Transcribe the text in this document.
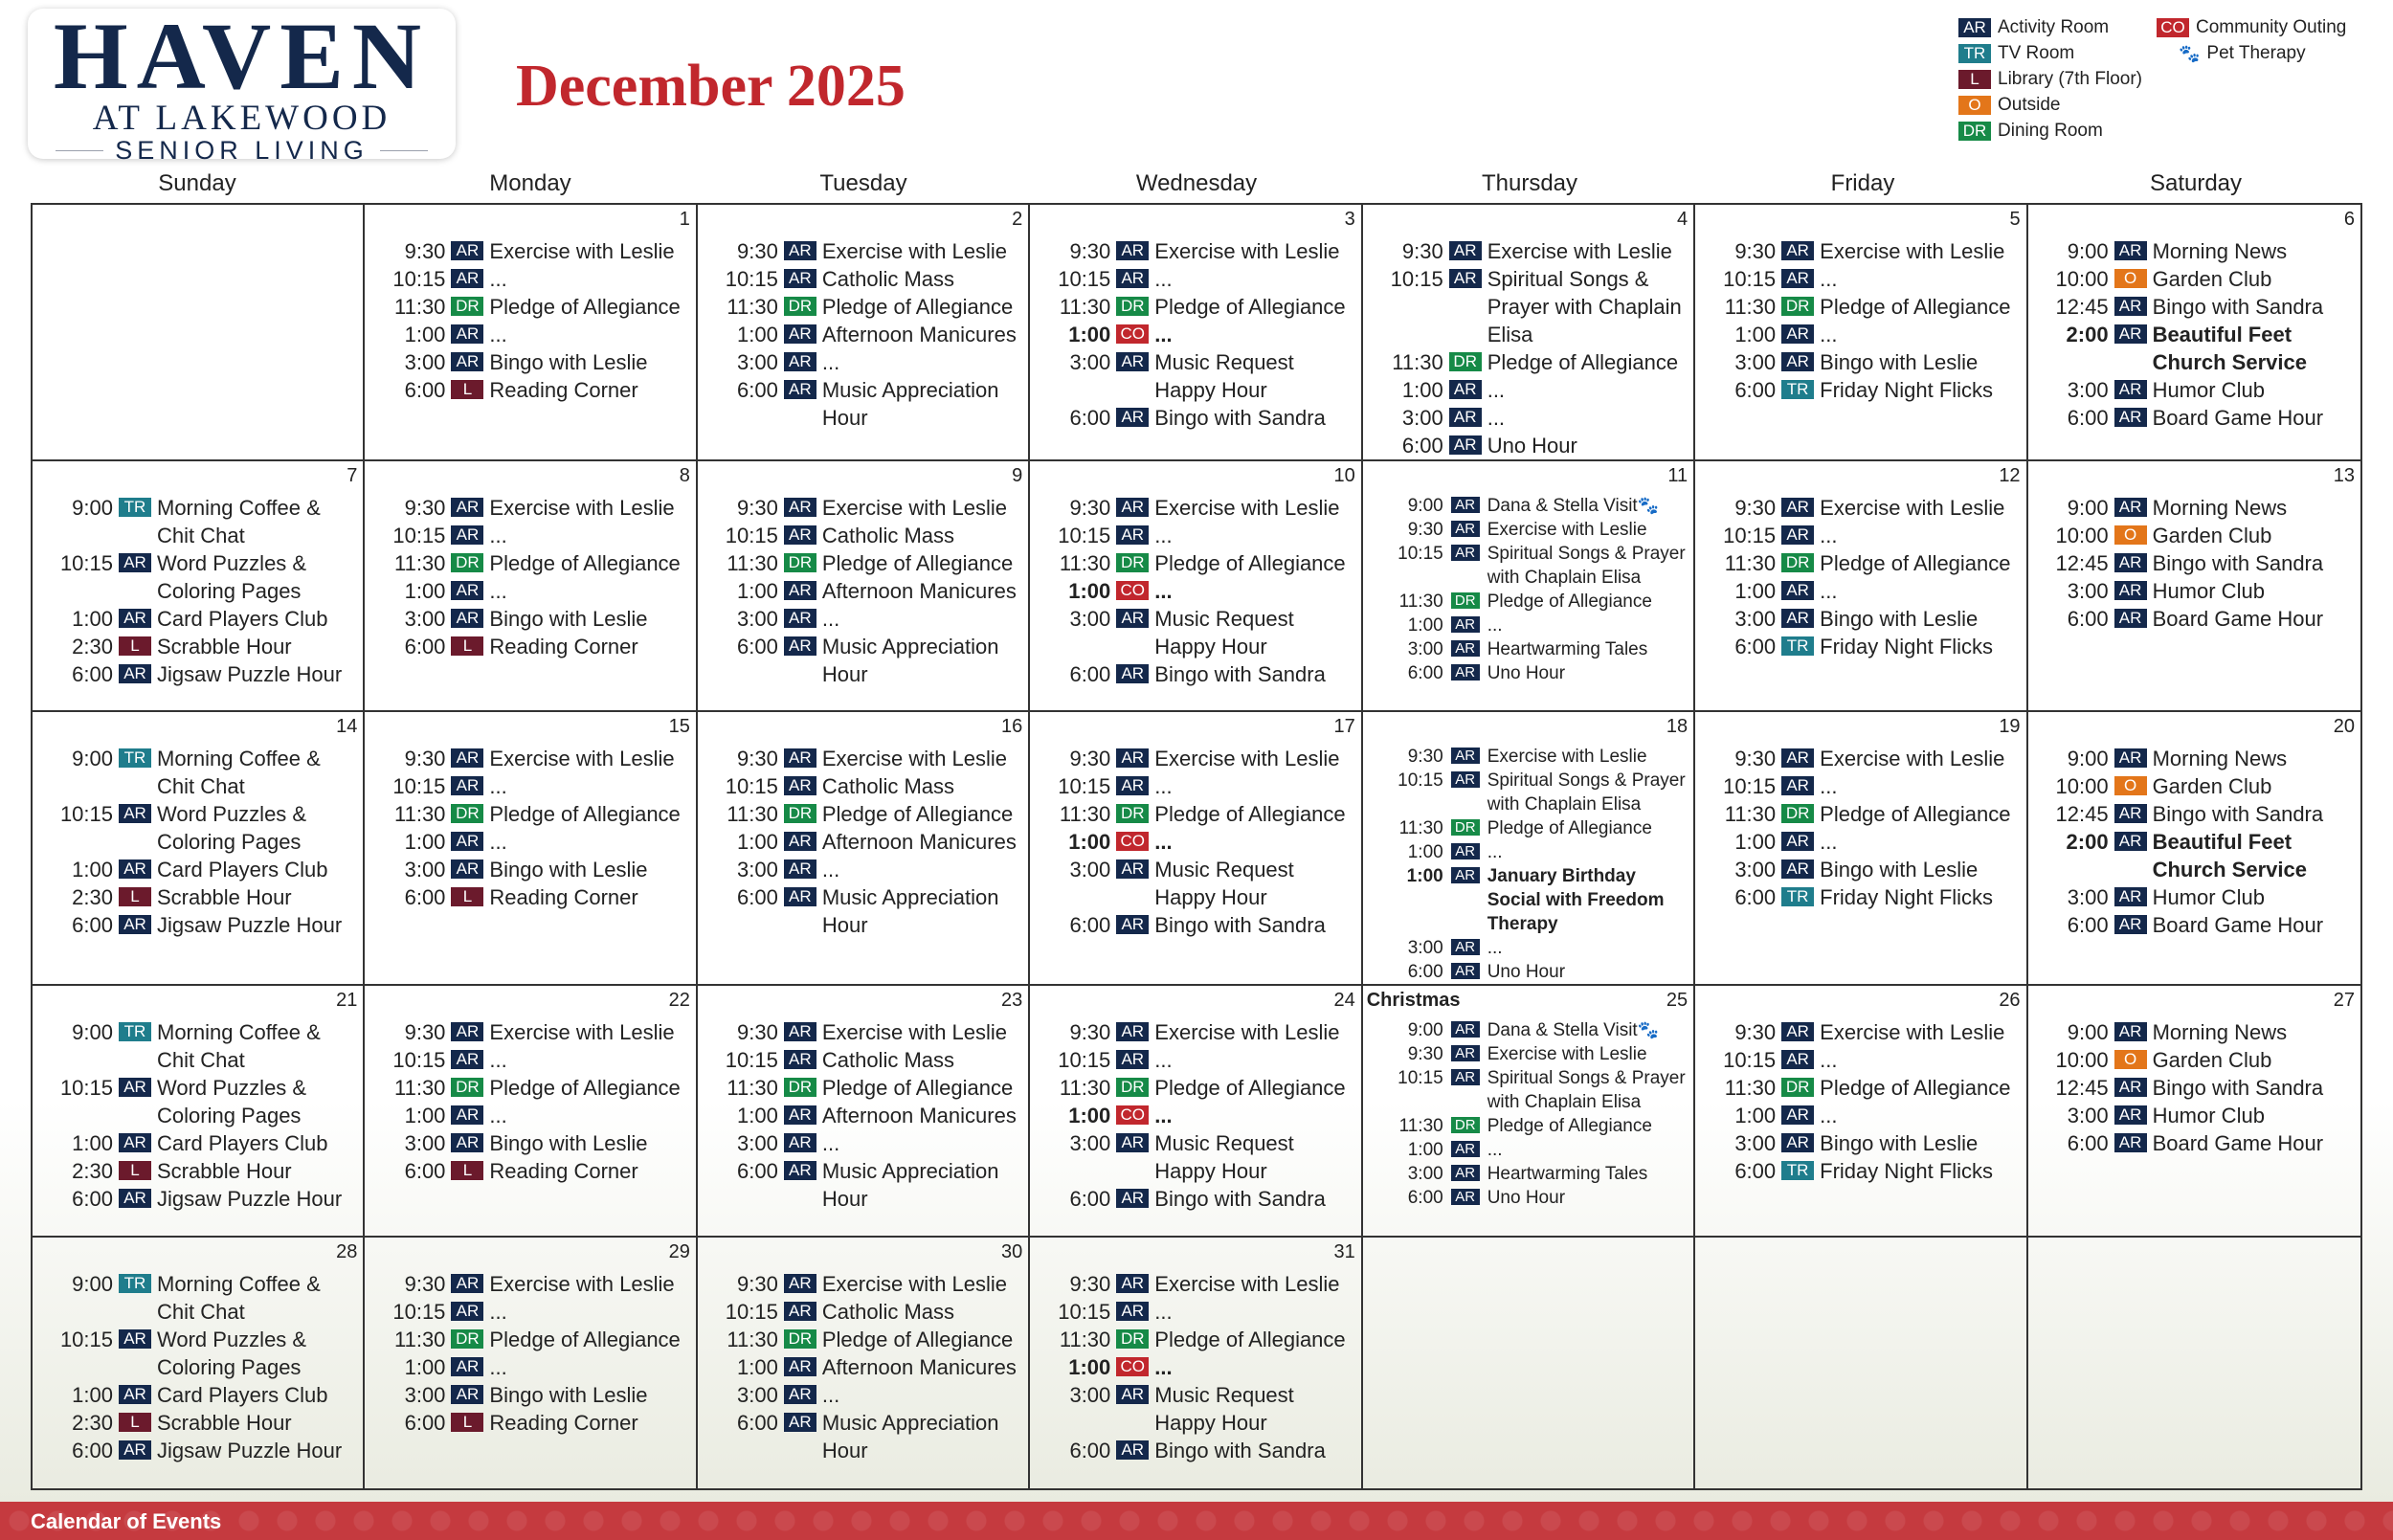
HAVEN
AT LAKEWOOD
SENIOR LIVING
December 2025
AR Activity Room
TR TV Room
L	Library (7th Floor)
O Outside
DR Dining Room
CO Community Outing
🐾 Pet Therapy
Sunday	Monday	Tuesday	Wednesday	Thursday	Friday	Saturday
1
9:30 AR Exercise with Leslie
10:15 AR ...
11:30 DR Pledge of Allegiance
1:00 AR ...
3:00 AR Bingo with Leslie
6:00	L Reading Corner
2
9:30 AR Exercise with Leslie
10:15 AR Catholic Mass
11:30 DR Pledge of Allegiance
1:00 AR Afternoon Manicures
3:00 AR ...
6:00 AR Music Appreciation Hour
3
9:30 AR Exercise with Leslie
10:15 AR ...
11:30 DR Pledge of Allegiance
1:00 CO ...
3:00 AR Music Request Happy Hour
6:00 AR Bingo with Sandra
4
9:30 AR Exercise with Leslie
10:15 AR Spiritual Songs & Prayer with Chaplain Elisa
11:30 DR Pledge of Allegiance
1:00 AR ...
3:00 AR ...
6:00 AR Uno Hour
5
9:30 AR Exercise with Leslie
10:15 AR ...
11:30 DR Pledge of Allegiance
1:00 AR ...
3:00 AR Bingo with Leslie
6:00 TR Friday Night Flicks
6
9:00 AR Morning News
10:00 O Garden Club
12:45 AR Bingo with Sandra
2:00 AR Beautiful Feet Church Service
3:00 AR Humor Club
6:00 AR Board Game Hour
7
9:00 TR Morning Coffee & Chit Chat
10:15 AR Word Puzzles & Coloring Pages
1:00 AR Card Players Club
2:30	L Scrabble Hour
6:00 AR Jigsaw Puzzle Hour
8
9:30 AR Exercise with Leslie
10:15 AR ...
11:30 DR Pledge of Allegiance
1:00 AR ...
3:00 AR Bingo with Leslie
6:00	L Reading Corner
9
9:30 AR Exercise with Leslie
10:15 AR Catholic Mass
11:30 DR Pledge of Allegiance
1:00 AR Afternoon Manicures
3:00 AR ...
6:00 AR Music Appreciation Hour
10
9:30 AR Exercise with Leslie
10:15 AR ...
11:30 DR Pledge of Allegiance
1:00 CO ...
3:00 AR Music Request Happy Hour
6:00 AR Bingo with Sandra
11
9:00 AR Dana & Stella Visit🐾
9:30 AR Exercise with Leslie
10:15 AR Spiritual Songs & Prayer with Chaplain Elisa
11:30 DR Pledge of Allegiance
1:00 AR ...
3:00 AR Heartwarming Tales
6:00 AR Uno Hour
12
9:30 AR Exercise with Leslie
10:15 AR ...
11:30 DR Pledge of Allegiance
1:00 AR ...
3:00 AR Bingo with Leslie
6:00 TR Friday Night Flicks
13
9:00 AR Morning News
10:00 O Garden Club
12:45 AR Bingo with Sandra
3:00 AR Humor Club
6:00 AR Board Game Hour
14
9:00 TR Morning Coffee & Chit Chat
10:15 AR Word Puzzles & Coloring Pages
1:00 AR Card Players Club
2:30	L Scrabble Hour
6:00 AR Jigsaw Puzzle Hour
15
9:30 AR Exercise with Leslie
10:15 AR ...
11:30 DR Pledge of Allegiance
1:00 AR ...
3:00 AR Bingo with Leslie
6:00	L Reading Corner
16
9:30 AR Exercise with Leslie
10:15 AR Catholic Mass
11:30 DR Pledge of Allegiance
1:00 AR Afternoon Manicures
3:00 AR ...
6:00 AR Music Appreciation Hour
17
9:30 AR Exercise with Leslie
10:15 AR ...
11:30 DR Pledge of Allegiance
1:00 CO ...
3:00 AR Music Request Happy Hour
6:00 AR Bingo with Sandra
18
9:30 AR Exercise with Leslie
10:15 AR Spiritual Songs & Prayer with Chaplain Elisa
11:30 DR Pledge of Allegiance
1:00 AR ...
1:00 AR January Birthday Social with Freedom Therapy
3:00 AR ...
6:00 AR Uno Hour
19
9:30 AR Exercise with Leslie
10:15 AR ...
11:30 DR Pledge of Allegiance
1:00 AR ...
3:00 AR Bingo with Leslie
6:00 TR Friday Night Flicks
20
9:00 AR Morning News
10:00 O Garden Club
12:45 AR Bingo with Sandra
2:00 AR Beautiful Feet Church Service
3:00 AR Humor Club
6:00 AR Board Game Hour
21
9:00 TR Morning Coffee & Chit Chat
10:15 AR Word Puzzles & Coloring Pages
1:00 AR Card Players Club
2:30	L Scrabble Hour
6:00 AR Jigsaw Puzzle Hour
22
9:30 AR Exercise with Leslie
10:15 AR ...
11:30 DR Pledge of Allegiance
1:00 AR ...
3:00 AR Bingo with Leslie
6:00	L Reading Corner
23
9:30 AR Exercise with Leslie
10:15 AR Catholic Mass
11:30 DR Pledge of Allegiance
1:00 AR Afternoon Manicures
3:00 AR ...
6:00 AR Music Appreciation Hour
24
9:30 AR Exercise with Leslie
10:15 AR ...
11:30 DR Pledge of Allegiance
1:00 CO ...
3:00 AR Music Request Happy Hour
6:00 AR Bingo with Sandra
25
Christmas
9:00 AR Dana & Stella Visit🐾
9:30 AR Exercise with Leslie
10:15 AR Spiritual Songs & Prayer with Chaplain Elisa
11:30 DR Pledge of Allegiance
1:00 AR ...
3:00 AR Heartwarming Tales
6:00 AR Uno Hour
26
9:30 AR Exercise with Leslie
10:15 AR ...
11:30 DR Pledge of Allegiance
1:00 AR ...
3:00 AR Bingo with Leslie
6:00 TR Friday Night Flicks
27
9:00 AR Morning News
10:00 O Garden Club
12:45 AR Bingo with Sandra
3:00 AR Humor Club
6:00 AR Board Game Hour
28
9:00 TR Morning Coffee & Chit Chat
10:15 AR Word Puzzles & Coloring Pages
1:00 AR Card Players Club
2:30	L Scrabble Hour
6:00 AR Jigsaw Puzzle Hour
29
9:30 AR Exercise with Leslie
10:15 AR ...
11:30 DR Pledge of Allegiance
1:00 AR ...
3:00 AR Bingo with Leslie
6:00	L Reading Corner
30
9:30 AR Exercise with Leslie
10:15 AR Catholic Mass
11:30 DR Pledge of Allegiance
1:00 AR Afternoon Manicures
3:00 AR ...
6:00 AR Music Appreciation Hour
31
9:30 AR Exercise with Leslie
10:15 AR ...
11:30 DR Pledge of Allegiance
1:00 CO ...
3:00 AR Music Request Happy Hour
6:00 AR Bingo with Sandra
Calendar of Events
